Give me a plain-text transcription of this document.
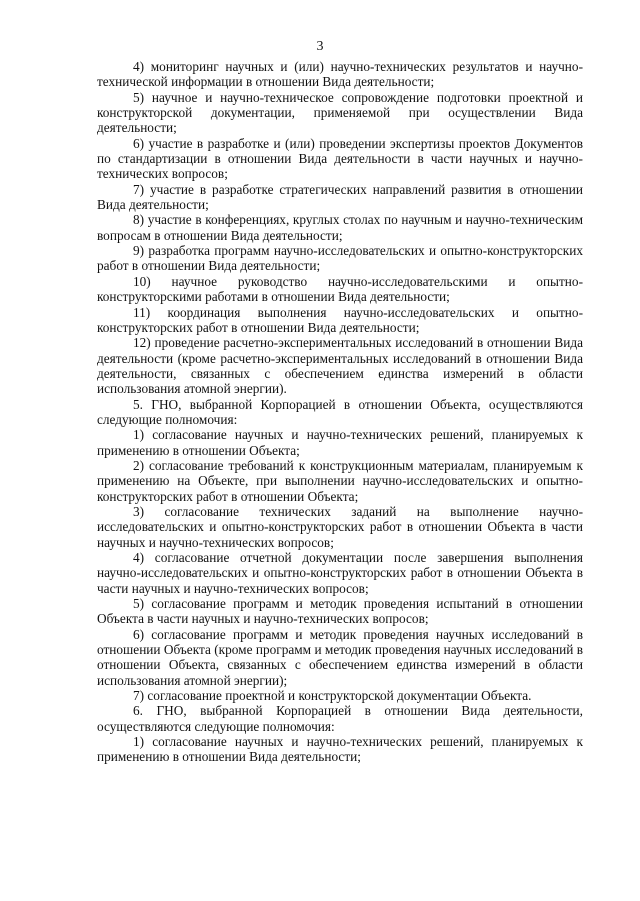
3

4) мониторинг научных и (или) научно-технических результатов и научно-технической информации в отношении Вида деятельности;

5) научное и научно-техническое сопровождение подготовки проектной и конструкторской документации, применяемой при осуществлении Вида деятельности;

6) участие в разработке и (или) проведении экспертизы проектов Документов по стандартизации в отношении Вида деятельности в части научных и научно-технических вопросов;

7) участие в разработке стратегических направлений развития в отношении Вида деятельности;

8) участие в конференциях, круглых столах по научным и научно-техническим вопросам в отношении Вида деятельности;

9) разработка программ научно-исследовательских и опытно-конструкторских работ в отношении Вида деятельности;

10) научное руководство научно-исследовательскими и опытно-конструкторскими работами в отношении Вида деятельности;

11) координация выполнения научно-исследовательских и опытно-конструкторских работ в отношении Вида деятельности;

12) проведение расчетно-экспериментальных исследований в отношении Вида деятельности (кроме расчетно-экспериментальных исследований в отношении Вида деятельности, связанных с обеспечением единства измерений в области использования атомной энергии).

5. ГНО, выбранной Корпорацией в отношении Объекта, осуществляются следующие полномочия:

1) согласование научных и научно-технических решений, планируемых к применению в отношении Объекта;

2) согласование требований к конструкционным материалам, планируемым к применению на Объекте, при выполнении научно-исследовательских и опытно-конструкторских работ в отношении Объекта;

3) согласование технических заданий на выполнение научно-исследовательских и опытно-конструкторских работ в отношении Объекта в части научных и научно-технических вопросов;

4) согласование отчетной документации после завершения выполнения научно-исследовательских и опытно-конструкторских работ в отношении Объекта в части научных и научно-технических вопросов;

5) согласование программ и методик проведения испытаний в отношении Объекта в части научных и научно-технических вопросов;

6) согласование программ и методик проведения научных исследований в отношении Объекта (кроме программ и методик проведения научных исследований в отношении Объекта, связанных с обеспечением единства измерений в области использования атомной энергии);

7) согласование проектной и конструкторской документации Объекта.

6. ГНО, выбранной Корпорацией в отношении Вида деятельности, осуществляются следующие полномочия:

1) согласование научных и научно-технических решений, планируемых к применению в отношении Вида деятельности;
